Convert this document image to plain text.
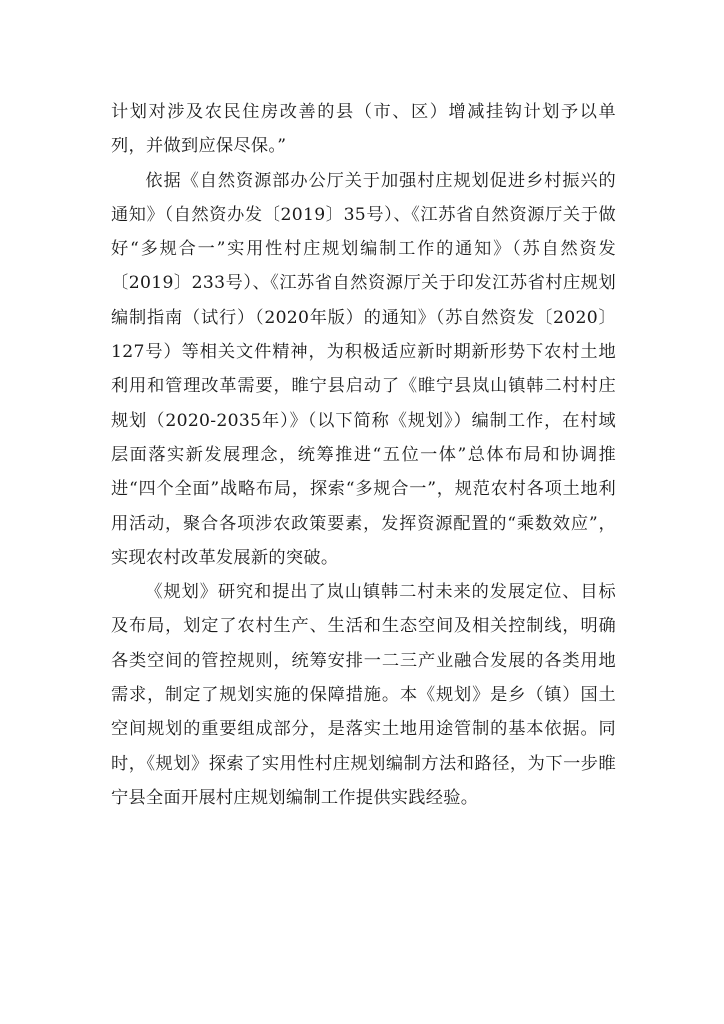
计划对涉及农民住房改善的县（市、区）增减挂钩计划予以单列，并做到应保尽保。”

依据《自然资源部办公厅关于加强村庄规划促进乡村振兴的通知》（自然资办发〔2019〕35号）、《江苏省自然资源厅关于做好“多规合一”实用性村庄规划编制工作的通知》（苏自然资发〔2019〕233号）、《江苏省自然资源厅关于印发江苏省村庄规划编制指南（试行）（2020年版）的通知》（苏自然资发〔2020〕127号）等相关文件精神，为积极适应新时期新形势下农村土地利用和管理改革需要，睢宁县启动了《睢宁县岚山镇韩二村村庄规划（2020-2035年）》（以下简称《规划》）编制工作，在村域层面落实新发展理念，统筹推进“五位一体”总体布局和协调推进“四个全面”战略布局，探索“多规合一”，规范农村各项土地利用活动，聚合各项涉农政策要素，发挥资源配置的“乘数效应”，实现农村改革发展新的突破。

《规划》研究和提出了岚山镇韩二村未来的发展定位、目标及布局，划定了农村生产、生活和生态空间及相关控制线，明确各类空间的管控规则，统筹安排一二三产业融合发展的各类用地需求，制定了规划实施的保障措施。本《规划》是乡（镇）国土空间规划的重要组成部分，是落实土地用途管制的基本依据。同时，《规划》探索了实用性村庄规划编制方法和路径，为下一步睢宁县全面开展村庄规划编制工作提供实践经验。
